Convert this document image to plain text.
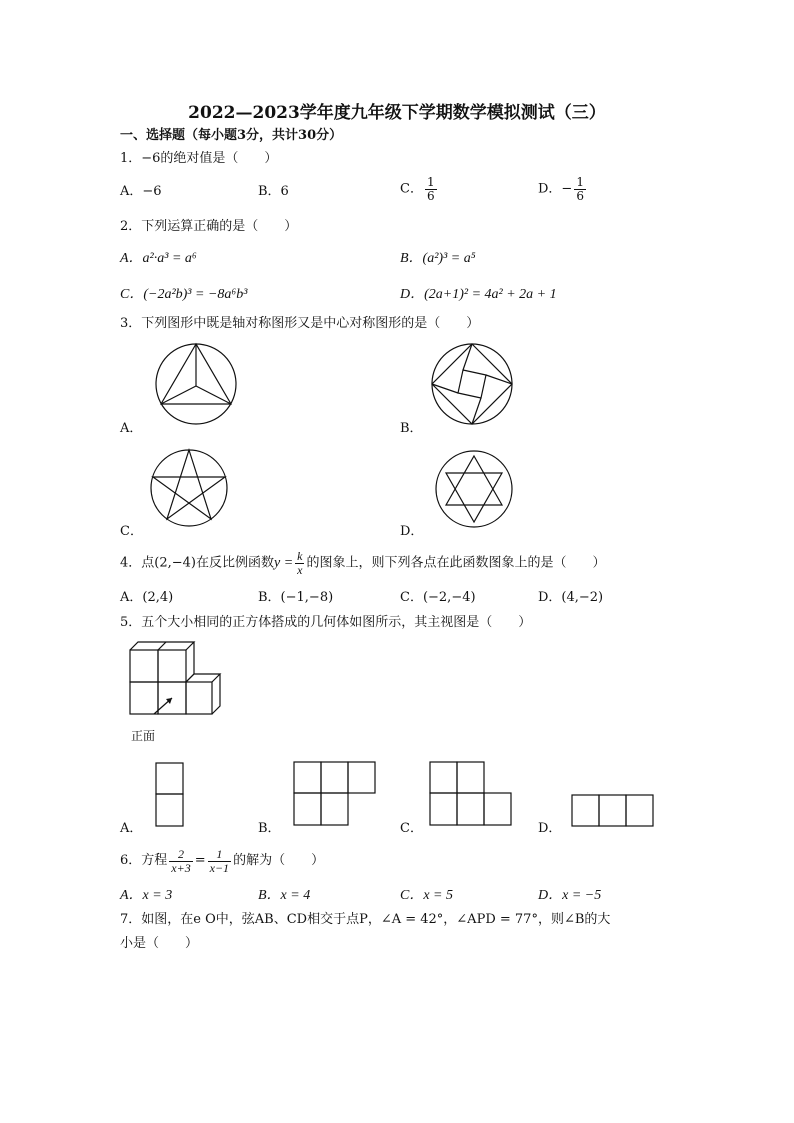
2022—2023学年度九年级下学期数学模拟测试（三）
一、选择题（每小题3分，共计30分）
1．−6的绝对值是（　　）
A．−6	B．6	C． $\frac{1}{6}$	D．− $\frac{1}{6}$
2．下列运算正确的是（　　）
A．a²·a³ = a⁶	B．(a²)³ = a⁵
C．(−2a²b)³ = −8a⁶b³	D．(2a+1)² = 4a² + 2a + 1
3．下列图形中既是轴对称图形又是中心对称图形的是（　　）
A．	B．
C．	D．
4．点(2,−4)在反比例函数$y = \frac{k}{x}$ 的图象上，则下列各点在此函数图象上的是（　　）
A．(2,4)	B．(−1,−8)	C．(−2,−4)	D．(4,−2)
5．五个大小相同的正方体搭成的几何体如图所示，其主视图是（　　）
正面
A．	B．	C．	D．
6．方程 $\frac{2}{x+3} = \frac{1}{x-1}$ 的解为（　　）
A．x = 3	B．x = 4	C．x = 5	D．x = −5
7．如图，在e O中，弦AB、CD相交于点P，∠A = 42°，∠APD = 77°，则∠B的大
小是（　　）
